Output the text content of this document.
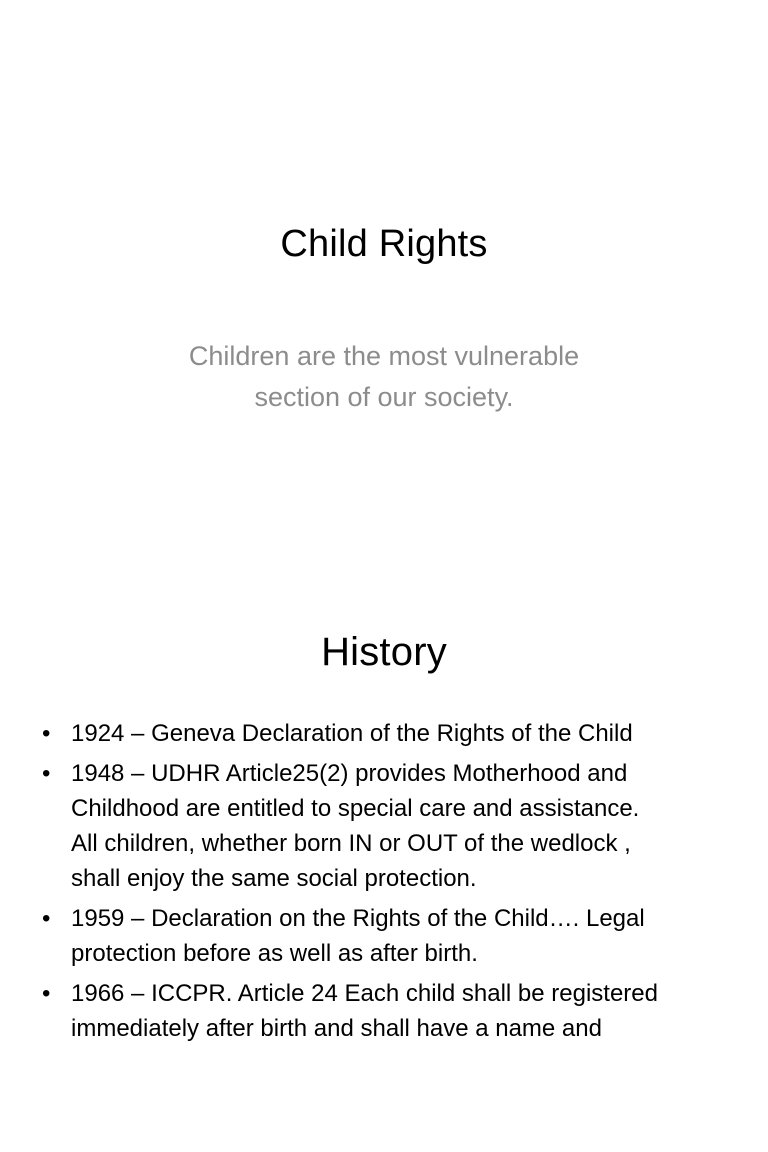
Child Rights
Children are the most vulnerable
section of our society.
History
• 1924 – Geneva Declaration of the Rights of the Child
• 1948 – UDHR Article25(2) provides Motherhood and
Childhood are entitled to special care and assistance.
All children, whether born IN or OUT of the wedlock ,
shall enjoy the same social protection.
• 1959 – Declaration on the Rights of the Child…. Legal
protection before as well as after birth.
• 1966 – ICCPR. Article 24 Each child shall be registered
immediately after birth and shall have a name and
